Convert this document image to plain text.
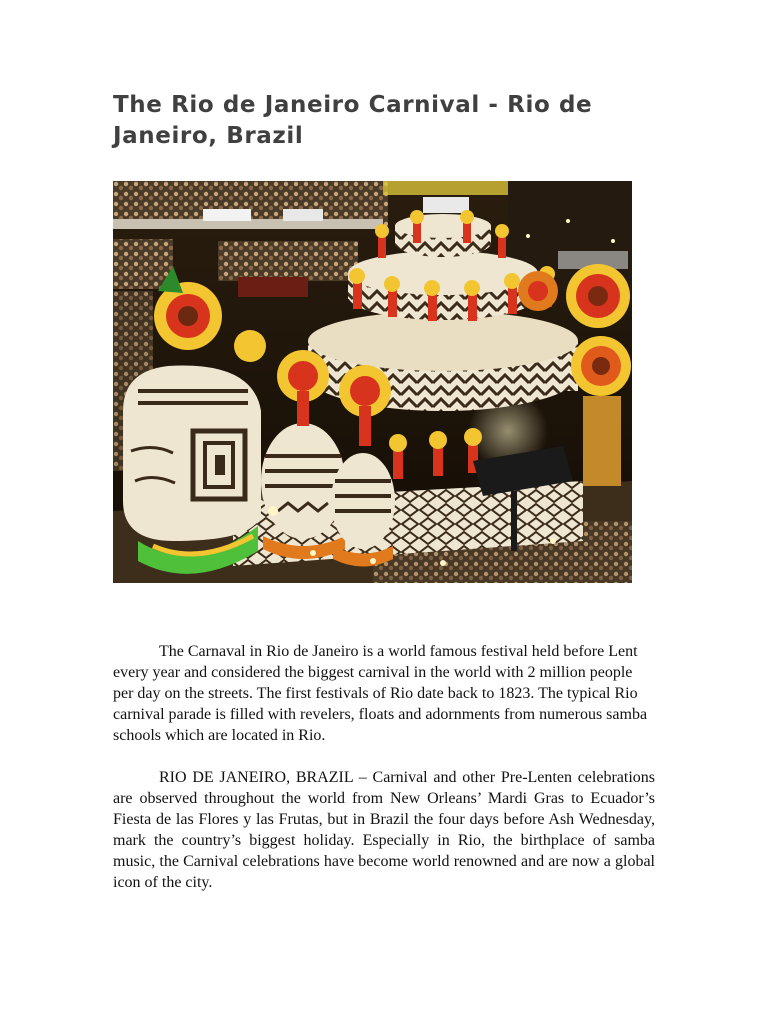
The Rio de Janeiro Carnival - Rio de Janeiro, Brazil

The Carnaval in Rio de Janeiro is a world famous festival held before Lent every year and considered the biggest carnival in the world with 2 million people per day on the streets. The first festivals of Rio date back to 1823. The typical Rio carnival parade is filled with revelers, floats and adornments from numerous samba schools which are located in Rio.

RIO DE JANEIRO, BRAZIL – Carnival and other Pre-Lenten celebrations are observed throughout the world from New Orleans’ Mardi Gras to Ecuador’s Fiesta de las Flores y las Frutas, but in Brazil the four days before Ash Wednesday, mark the country’s biggest holiday. Especially in Rio, the birthplace of samba music, the Carnival celebrations have become world renowned and are now a global icon of the city.
